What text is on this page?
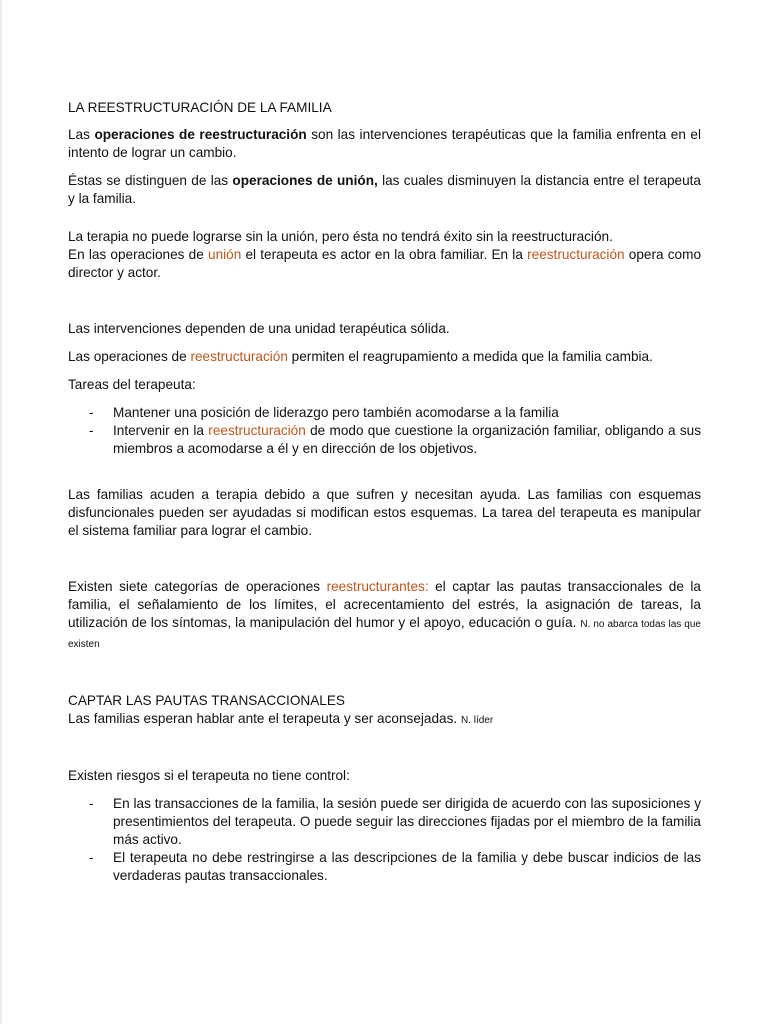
LA REESTRUCTURACIÓN DE LA FAMILIA

Las operaciones de reestructuración son las intervenciones terapéuticas que la familia enfrenta en el intento de lograr un cambio.

Éstas se distinguen de las operaciones de unión, las cuales disminuyen la distancia entre el terapeuta y la familia.

La terapia no puede lograrse sin la unión, pero ésta no tendrá éxito sin la reestructuración.

En las operaciones de unión el terapeuta es actor en la obra familiar. En la reestructuración opera como director y actor.

Las intervenciones dependen de una unidad terapéutica sólida.

Las operaciones de reestructuración permiten el reagrupamiento a medida que la familia cambia.

Tareas del terapeuta:

- Mantener una posición de liderazgo pero también acomodarse a la familia
- Intervenir en la reestructuración de modo que cuestione la organización familiar, obligando a sus miembros a acomodarse a él y en dirección de los objetivos.

Las familias acuden a terapia debido a que sufren y necesitan ayuda. Las familias con esquemas disfuncionales pueden ser ayudadas si modifican estos esquemas. La tarea del terapeuta es manipular el sistema familiar para lograr el cambio.

Existen siete categorías de operaciones reestructurantes: el captar las pautas transaccionales de la familia, el señalamiento de los límites, el acrecentamiento del estrés, la asignación de tareas, la utilización de los síntomas, la manipulación del humor y el apoyo, educación o guía. N. no abarca todas las que existen

CAPTAR LAS PAUTAS TRANSACCIONALES

Las familias esperan hablar ante el terapeuta y ser aconsejadas. N. líder

Existen riesgos si el terapeuta no tiene control:

- En las transacciones de la familia, la sesión puede ser dirigida de acuerdo con las suposiciones y presentimientos del terapeuta. O puede seguir las direcciones fijadas por el miembro de la familia más activo.
- El terapeuta no debe restringirse a las descripciones de la familia y debe buscar indicios de las verdaderas pautas transaccionales.
